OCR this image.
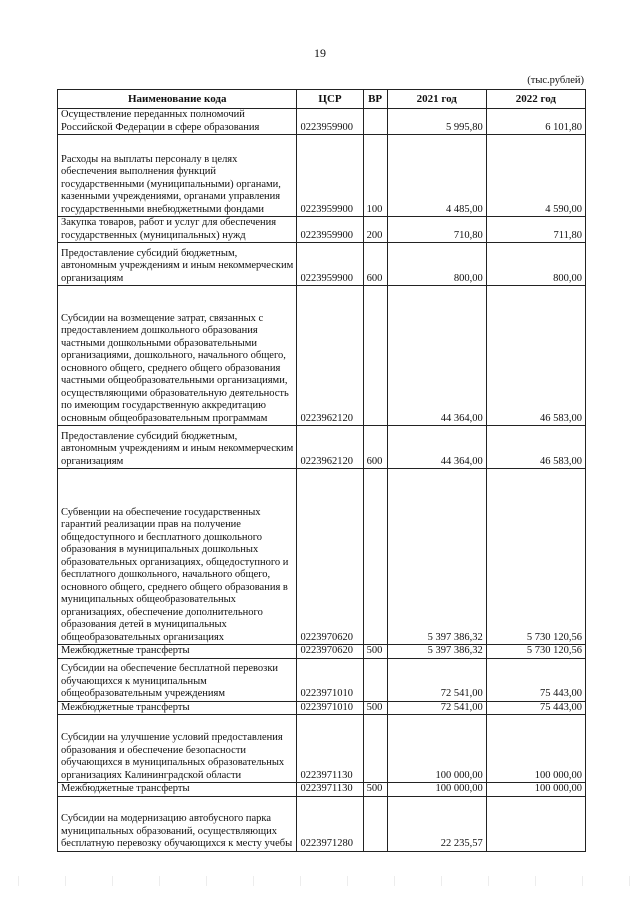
19
(тыс.рублей)
Наименование кода	ЦСР	ВР	2021 год	2022 год
Осуществление переданных полномочий Российской Федерации в сфере образования	0223959900		5 995,80	6 101,80
Расходы на выплаты персоналу в целях обеспечения выполнения функций государственными (муниципальными) органами, казенными учреждениями, органами управления государственными внебюджетными фондами	0223959900	100	4 485,00	4 590,00
Закупка товаров, работ и услуг для обеспечения государственных (муниципальных) нужд	0223959900	200	710,80	711,80
Предоставление субсидий бюджетным, автономным учреждениям и иным некоммерческим организациям	0223959900	600	800,00	800,00
Субсидии на возмещение затрат, связанных с предоставлением дошкольного образования частными дошкольными образовательными организациями, дошкольного, начального общего, основного общего, среднего общего образования частными общеобразовательными организациями, осуществляющими образовательную деятельность по имеющим государственную аккредитацию основным общеобразовательным программам	0223962120		44 364,00	46 583,00
Предоставление субсидий бюджетным, автономным учреждениям и иным некоммерческим организациям	0223962120	600	44 364,00	46 583,00
Субвенции на обеспечение государственных гарантий реализации прав на получение общедоступного и бесплатного дошкольного образования в муниципальных дошкольных образовательных организациях, общедоступного и бесплатного дошкольного, начального общего, основного общего, среднего общего образования в муниципальных общеобразовательных организациях, обеспечение дополнительного образования детей в муниципальных общеобразовательных организациях	0223970620		5 397 386,32	5 730 120,56
Межбюджетные трансферты	0223970620	500	5 397 386,32	5 730 120,56
Субсидии на обеспечение бесплатной перевозки обучающихся к муниципальным общеобразовательным учреждениям	0223971010		72 541,00	75 443,00
Межбюджетные трансферты	0223971010	500	72 541,00	75 443,00
Субсидии на улучшение условий предоставления образования и обеспечение безопасности обучающихся в муниципальных образовательных организациях Калининградской области	0223971130		100 000,00	100 000,00
Межбюджетные трансферты	0223971130	500	100 000,00	100 000,00
Субсидии на модернизацию автобусного парка муниципальных образований, осуществляющих бесплатную перевозку обучающихся к месту учебы	0223971280		22 235,57	
